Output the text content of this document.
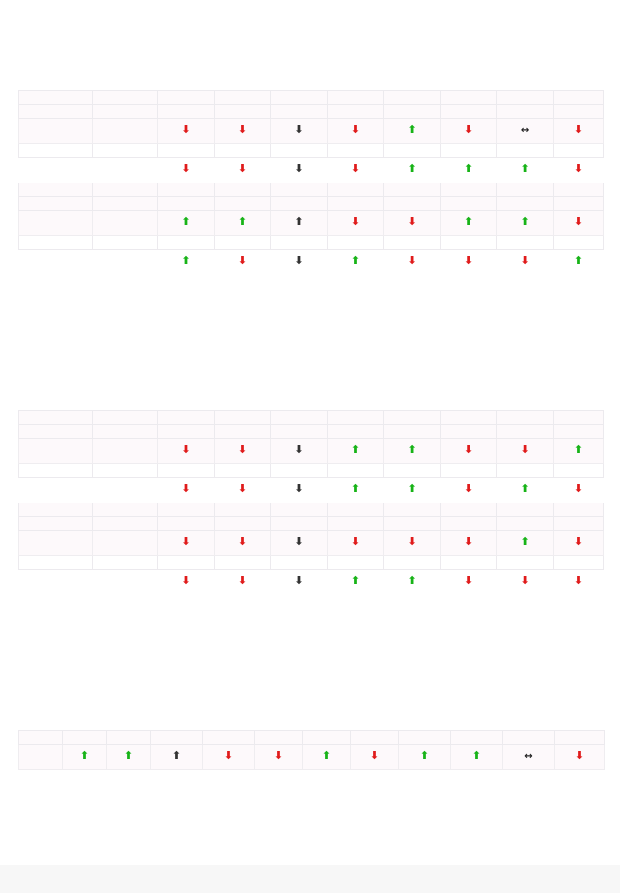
		⬇	⬇	⬇	⬇	⬆	⬇	↔	⬇

		⬇	⬇	⬇	⬇	⬆	⬆	⬆	⬇

		⬆	⬆	⬆	⬇	⬇	⬆	⬆	⬇

		⬆	⬇	⬇	⬆	⬇	⬇	⬇	⬆

		⬇	⬇	⬇	⬆	⬆	⬇	⬇	⬆

		⬇	⬇	⬇	⬆	⬆	⬇	⬆	⬇

		⬇	⬇	⬇	⬇	⬇	⬇	⬆	⬇

		⬇	⬇	⬇	⬆	⬆	⬇	⬇	⬇

	⬆	⬆	⬆	⬇	⬇	⬆	⬇	⬆	⬆	↔	⬇
